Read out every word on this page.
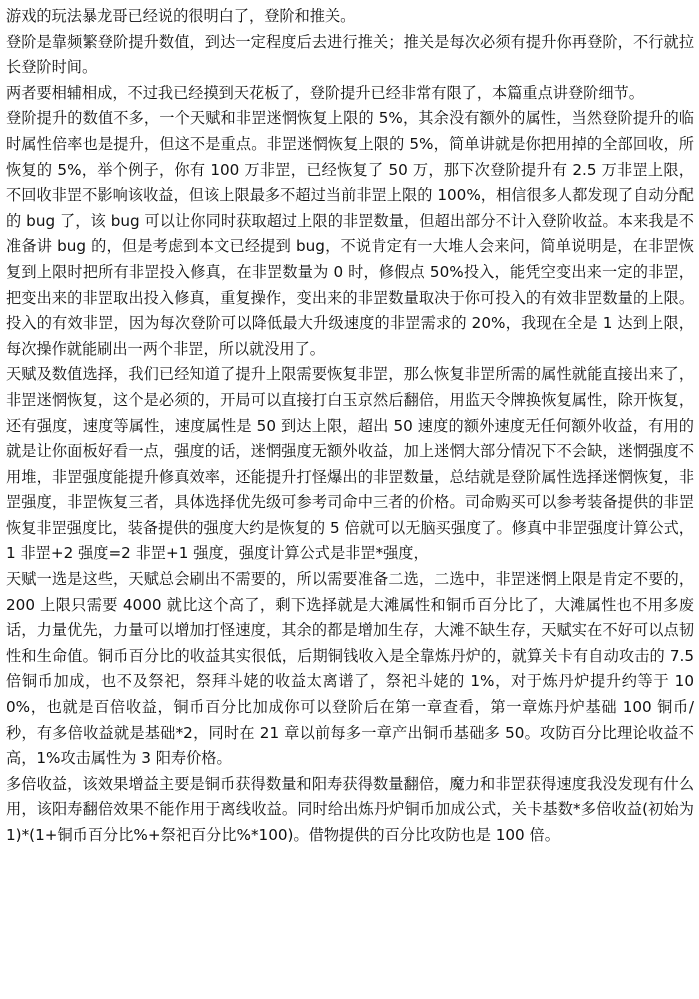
游戏的玩法暴龙哥已经说的很明白了，登阶和推关。

登阶是靠频繁登阶提升数值，到达一定程度后去进行推关；推关是每次必须有提升你再登阶，不行就拉长登阶时间。

两者要相辅相成，不过我已经摸到天花板了，登阶提升已经非常有限了，本篇重点讲登阶细节。

登阶提升的数值不多，一个天赋和非罡迷惘恢复上限的 5%，其余没有额外的属性，当然登阶提升的临时属性倍率也是提升，但这不是重点。非罡迷惘恢复上限的 5%，简单讲就是你把用掉的全部回收，所恢复的 5%，举个例子，你有 100 万非罡，已经恢复了 50 万，那下次登阶提升有 2.5 万非罡上限，不回收非罡不影响该收益，但该上限最多不超过当前非罡上限的 100%，相信很多人都发现了自动分配的 bug 了，该 bug 可以让你同时获取超过上限的非罡数量，但超出部分不计入登阶收益。本来我是不准备讲 bug 的，但是考虑到本文已经提到 bug，不说肯定有一大堆人会来问，简单说明是，在非罡恢复到上限时把所有非罡投入修真，在非罡数量为 0 时，修假点 50%投入，能凭空变出来一定的非罡，把变出来的非罡取出投入修真，重复操作，变出来的非罡数量取决于你可投入的有效非罡数量的上限。投入的有效非罡，因为每次登阶可以降低最大升级速度的非罡需求的 20%，我现在全是 1 达到上限，每次操作就能刷出一两个非罡，所以就没用了。

天赋及数值选择，我们已经知道了提升上限需要恢复非罡，那么恢复非罡所需的属性就能直接出来了，非罡迷惘恢复，这个是必须的，开局可以直接打白玉京然后翻倍，用监天令牌换恢复属性，除开恢复，还有强度，速度等属性，速度属性是 50 到达上限，超出 50 速度的额外速度无任何额外收益，有用的就是让你面板好看一点，强度的话，迷惘强度无额外收益，加上迷惘大部分情况下不会缺，迷惘强度不用堆，非罡强度能提升修真效率，还能提升打怪爆出的非罡数量，总结就是登阶属性选择迷惘恢复，非罡强度，非罡恢复三者，具体选择优先级可参考司命中三者的价格。司命购买可以参考装备提供的非罡恢复非罡强度比，装备提供的强度大约是恢复的 5 倍就可以无脑买强度了。修真中非罡强度计算公式，1 非罡+2 强度=2 非罡+1 强度，强度计算公式是非罡*强度，

天赋一选是这些，天赋总会刷出不需要的，所以需要准备二选，二选中，非罡迷惘上限是肯定不要的，200 上限只需要 4000 就比这个高了，剩下选择就是大滩属性和铜币百分比了，大滩属性也不用多废话，力量优先，力量可以增加打怪速度，其余的都是增加生存，大滩不缺生存，天赋实在不好可以点韧性和生命值。铜币百分比的收益其实很低，后期铜钱收入是全靠炼丹炉的，就算关卡有自动攻击的 7.5 倍铜币加成，也不及祭祀，祭拜斗姥的收益太离谱了，祭祀斗姥的 1%，对于炼丹炉提升约等于 100%，也就是百倍收益，铜币百分比加成你可以登阶后在第一章查看，第一章炼丹炉基础 100 铜币/秒，有多倍收益就是基础*2，同时在 21 章以前每多一章产出铜币基础多 50。攻防百分比理论收益不高，1%攻击属性为 3 阳寿价格。

多倍收益，该效果增益主要是铜币获得数量和阳寿获得数量翻倍，魔力和非罡获得速度我没发现有什么用，该阳寿翻倍效果不能作用于离线收益。同时给出炼丹炉铜币加成公式，关卡基数*多倍收益(初始为 1)*(1+铜币百分比%+祭祀百分比%*100)。借物提供的百分比攻防也是 100 倍。
